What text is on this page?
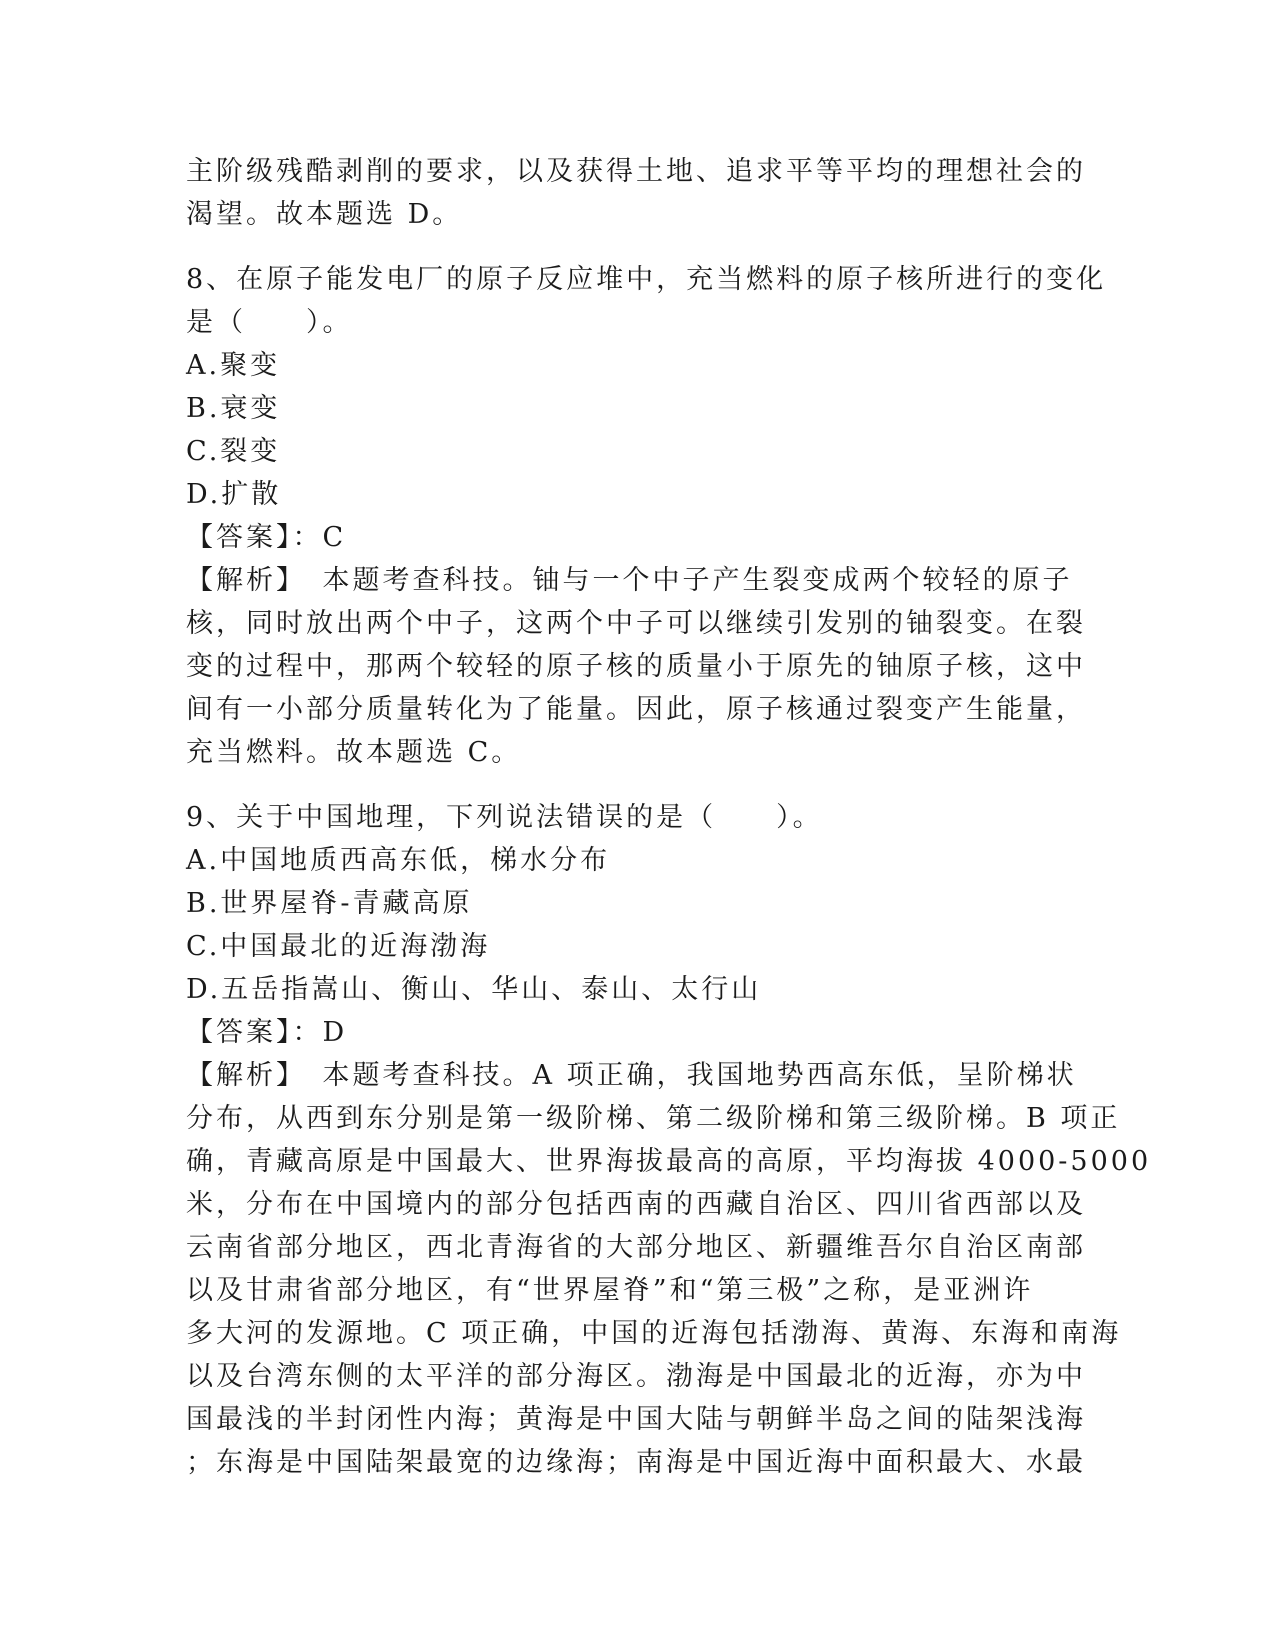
主阶级残酷剥削的要求，以及获得土地、追求平等平均的理想社会的
渴望。故本题选 D。
8、在原子能发电厂的原子反应堆中，充当燃料的原子核所进行的变化
是（　　）。
A.聚变
B.衰变
C.裂变
D.扩散
【答案】：C
【解析】　本题考查科技。铀与一个中子产生裂变成两个较轻的原子
核，同时放出两个中子，这两个中子可以继续引发别的铀裂变。在裂
变的过程中，那两个较轻的原子核的质量小于原先的铀原子核，这中
间有一小部分质量转化为了能量。因此，原子核通过裂变产生能量，
充当燃料。故本题选 C。
9、关于中国地理，下列说法错误的是（　　）。
A.中国地质西高东低，梯水分布
B.世界屋脊-青藏高原
C.中国最北的近海渤海
D.五岳指嵩山、衡山、华山、泰山、太行山
【答案】：D
【解析】　本题考查科技。A 项正确，我国地势西高东低，呈阶梯状
分布，从西到东分别是第一级阶梯、第二级阶梯和第三级阶梯。B 项正
确，青藏高原是中国最大、世界海拔最高的高原，平均海拔 4000-5000
米，分布在中国境内的部分包括西南的西藏自治区、四川省西部以及
云南省部分地区，西北青海省的大部分地区、新疆维吾尔自治区南部
以及甘肃省部分地区，有“世界屋脊”和“第三极”之称，是亚洲许
多大河的发源地。C 项正确，中国的近海包括渤海、黄海、东海和南海
以及台湾东侧的太平洋的部分海区。渤海是中国最北的近海，亦为中
国最浅的半封闭性内海；黄海是中国大陆与朝鲜半岛之间的陆架浅海
；东海是中国陆架最宽的边缘海；南海是中国近海中面积最大、水最
